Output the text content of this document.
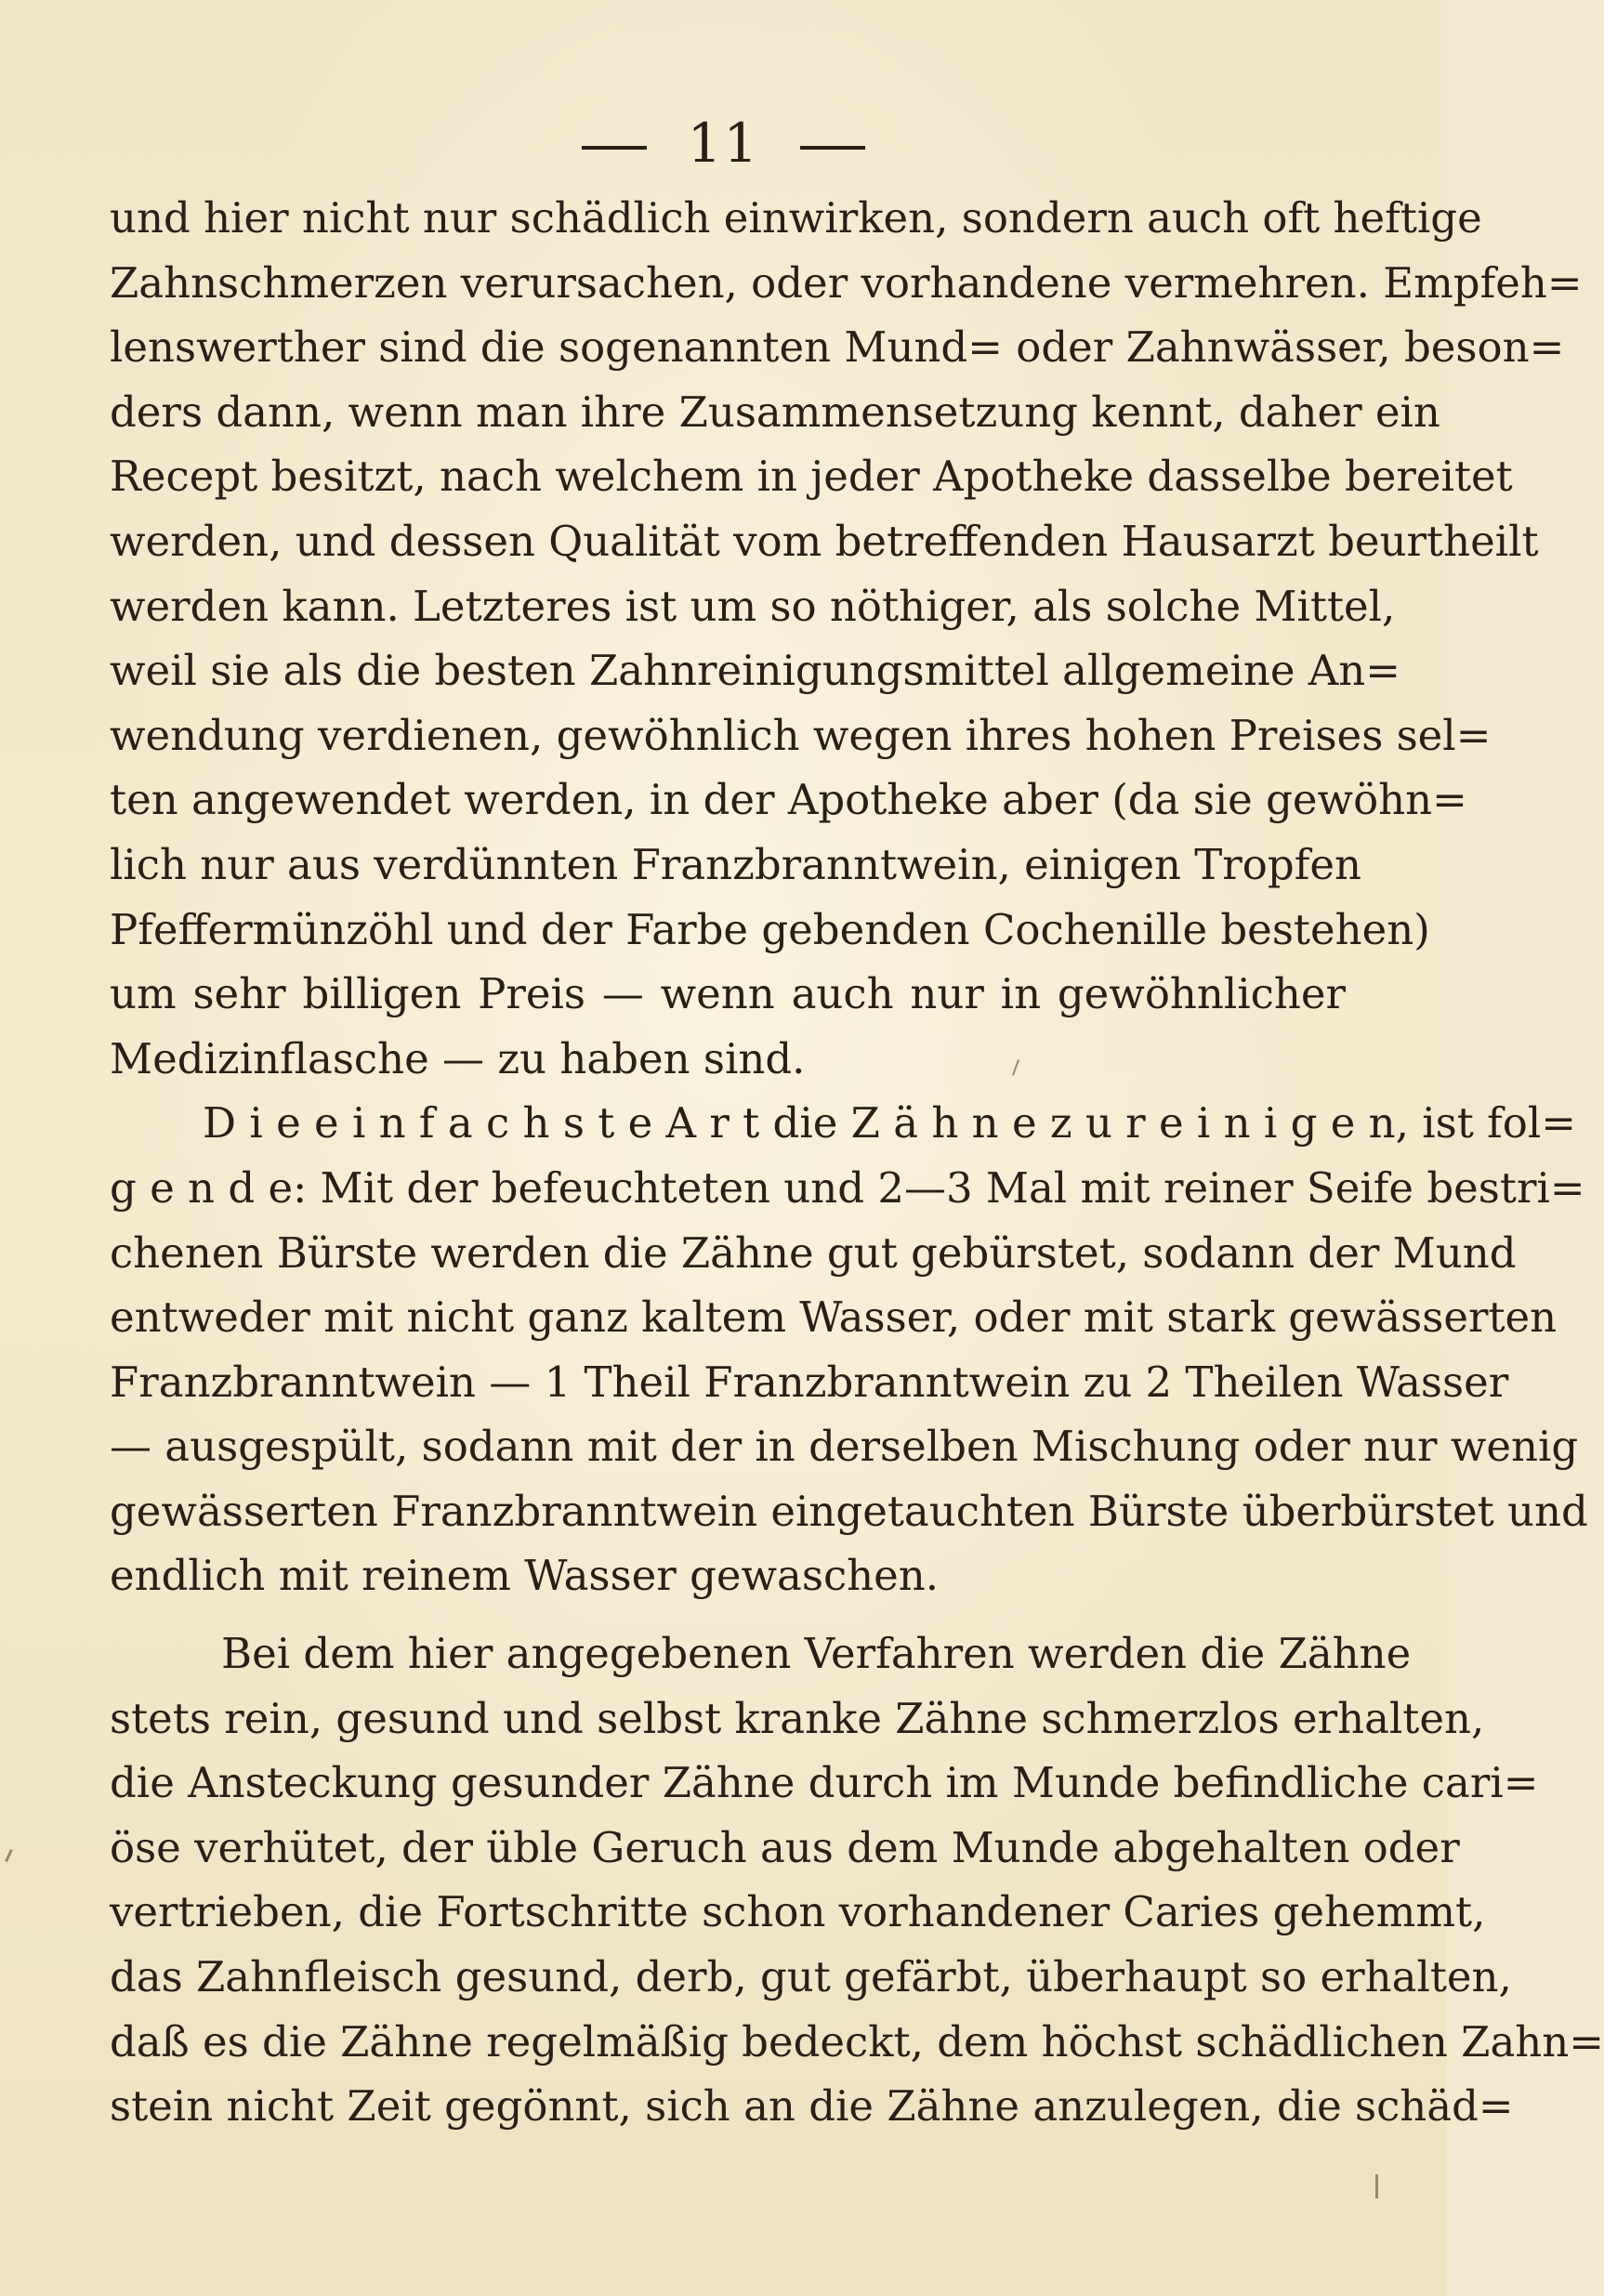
11
und hier nicht nur schädlich einwirken, sondern auch oft heftige
Zahnschmerzen verursachen, oder vorhandene vermehren. Empfeh=
lenswerther sind die sogenannten Mund= oder Zahnwässer, beson=
ders dann, wenn man ihre Zusammensetzung kennt, daher ein
Recept besitzt, nach welchem in jeder Apotheke dasselbe bereitet
werden, und dessen Qualität vom betreffenden Hausarzt beurtheilt
werden kann. Letzteres ist um so nöthiger, als solche Mittel,
weil sie als die besten Zahnreinigungsmittel allgemeine An=
wendung verdienen, gewöhnlich wegen ihres hohen Preises sel=
ten angewendet werden, in der Apotheke aber (da sie gewöhn=
lich nur aus verdünnten Franzbranntwein, einigen Tropfen
Pfeffermünzöhl und der Farbe gebenden Cochenille bestehen)
um sehr billigen Preis — wenn auch nur in gewöhnlicher
Medizinflasche — zu haben sind.
D i e e i n f a c h s t e A r t die Z ä h n e z u r e i n i g e n, ist fol=
g e n d e: Mit der befeuchteten und 2—3 Mal mit reiner Seife bestri=
chenen Bürste werden die Zähne gut gebürstet, sodann der Mund
entweder mit nicht ganz kaltem Wasser, oder mit stark gewässerten
Franzbranntwein — 1 Theil Franzbranntwein zu 2 Theilen Wasser
— ausgespült, sodann mit der in derselben Mischung oder nur wenig
gewässerten Franzbranntwein eingetauchten Bürste überbürstet und
endlich mit reinem Wasser gewaschen.
Bei dem hier angegebenen Verfahren werden die Zähne
stets rein, gesund und selbst kranke Zähne schmerzlos erhalten,
die Ansteckung gesunder Zähne durch im Munde befindliche cari=
öse verhütet, der üble Geruch aus dem Munde abgehalten oder
vertrieben, die Fortschritte schon vorhandener Caries gehemmt,
das Zahnfleisch gesund, derb, gut gefärbt, überhaupt so erhalten,
daß es die Zähne regelmäßig bedeckt, dem höchst schädlichen Zahn=
stein nicht Zeit gegönnt, sich an die Zähne anzulegen, die schäd=
